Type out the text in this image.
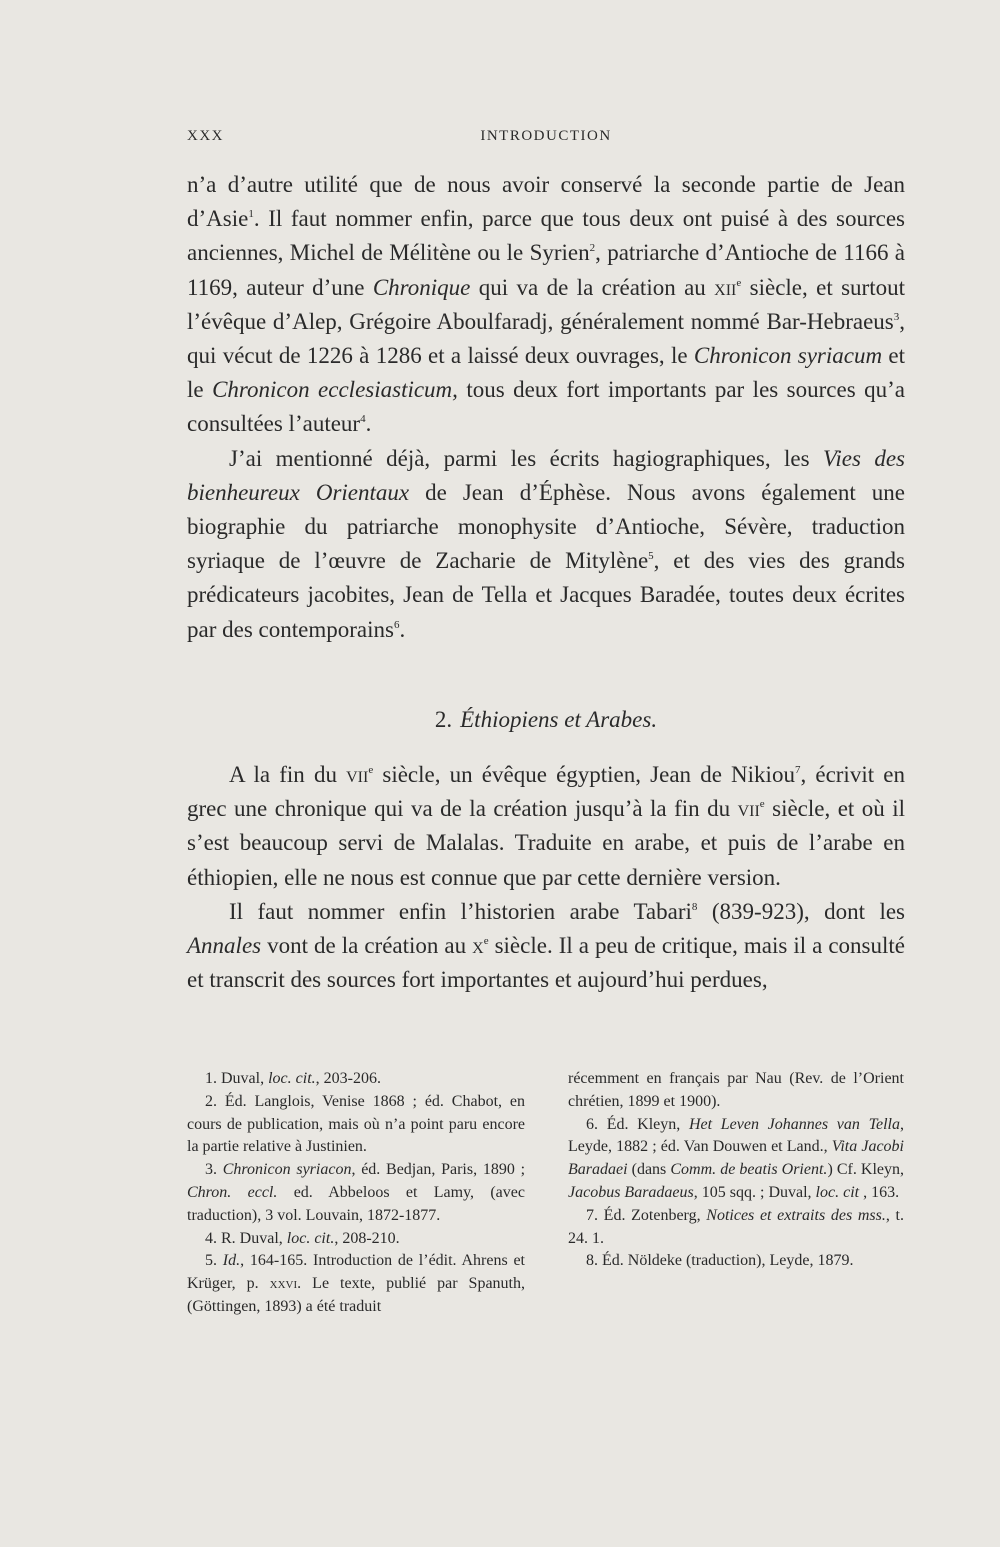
XXX	INTRODUCTION

n’a d’autre utilité que de nous avoir conservé la seconde partie de Jean d’Asie$^1$. Il faut nommer enfin, parce que tous deux ont puisé à des sources anciennes, Michel de Mélitène ou le Syrien$^2$, patriarche d’Antioche de 1166 à 1169, auteur d’une Chronique qui va de la création au xii$^e$ siècle, et surtout l’évêque d’Alep, Grégoire Aboulfaradj, généralement nommé Bar-Hebraeus$^3$, qui vécut de 1226 à 1286 et a laissé deux ouvrages, le Chronicon syriacum et le Chronicon ecclesiasticum, tous deux fort importants par les sources qu’a consultées l’auteur$^4$.

J’ai mentionné déjà, parmi les écrits hagiographiques, les Vies des bienheureux Orientaux de Jean d’Éphèse. Nous avons également une biographie du patriarche monophysite d’Antioche, Sévère, traduction syriaque de l’œuvre de Zacharie de Mitylène$^5$, et des vies des grands prédicateurs jacobites, Jean de Tella et Jacques Baradée, toutes deux écrites par des contemporains$^6$.

2. Éthiopiens et Arabes.

A la fin du vii$^e$ siècle, un évêque égyptien, Jean de Nikiou$^7$, écrivit en grec une chronique qui va de la création jusqu’à la fin du vii$^e$ siècle, et où il s’est beaucoup servi de Malalas. Traduite en arabe, et puis de l’arabe en éthiopien, elle ne nous est connue que par cette dernière version.

Il faut nommer enfin l’historien arabe Tabari$^8$ (839-923), dont les Annales vont de la création au $x^e$ siècle. Il a peu de critique, mais il a consulté et transcrit des sources fort importantes et aujourd’hui perdues,

1. Duval, loc. cit., 203-206.

2. Éd. Langlois, Venise 1868 ; éd. Chabot, en cours de publication, mais où n’a point paru encore la partie relative à Justinien.

3. Chronicon syriacon, éd. Bedjan, Paris, 1890 ; Chron. eccl. ed. Abbeloos et Lamy, (avec traduction), 3 vol. Louvain, 1872-1877.

4. R. Duval, loc. cit., 208-210.

5. Id., 164-165. Introduction de l’édit. Ahrens et Krüger, p. xxvi. Le texte, publié par Spanuth, (Göttingen, 1893) a été traduit

récemment en français par Nau (Rev. de l’Orient chrétien, 1899 et 1900).

6. Éd. Kleyn, Het Leven Johannes van Tella, Leyde, 1882 ; éd. Van Douwen et Land., Vita Jacobi Baradaei (dans Comm. de beatis Orient.) Cf. Kleyn, Jacobus Baradaeus, 105 sqq. ; Duval, loc. cit , 163.

7. Éd. Zotenberg, Notices et extraits des mss., t. 24. 1.

8. Éd. Nöldeke (traduction), Leyde, 1879.
